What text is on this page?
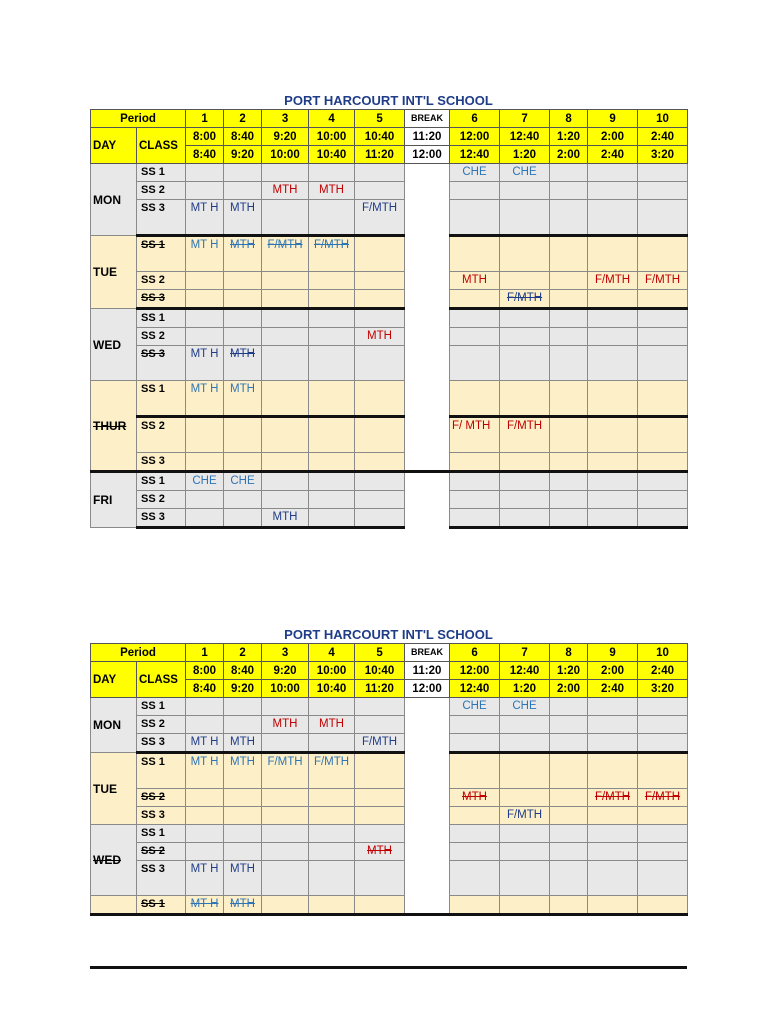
PORT HARCOURT INT'L SCHOOL
Period		1	2	3	4	5	BREAK	6	7	8	9	10
DAY	CLASS	8:00	8:40	9:20	10:00	10:40	11:20	12:00	12:40	1:20	2:00	2:40
		8:40	9:20	10:00	10:40	11:20	12:00	12:40	1:20	2:00	2:40	3:20
MON	SS 1							CHE	CHE			
	SS 2			MTH	MTH							
	SS 3	MT H	MTH			F/MTH						
TUE	SS 1	MT H	MTH	F/MTH	F/MTH							
	SS 2							MTH			F/MTH	F/MTH
	SS 3								F/MTH			
WED	SS 1											
	SS 2					MTH						
	SS 3	MT H	MTH									
THUR	SS 1	MT H	MTH									
	SS 2							F/ MTH	F/MTH			
	SS 3											
FRI	SS 1	CHE	CHE									
	SS 2											
	SS 3			MTH								
PORT HARCOURT INT'L SCHOOL
Period		1	2	3	4	5	BREAK	6	7	8	9	10
DAY	CLASS	8:00	8:40	9:20	10:00	10:40	11:20	12:00	12:40	1:20	2:00	2:40
		8:40	9:20	10:00	10:40	11:20	12:00	12:40	1:20	2:00	2:40	3:20
MON	SS 1							CHE	CHE			
	SS 2			MTH	MTH							
	SS 3	MT H	MTH			F/MTH						
TUE	SS 1	MT H	MTH	F/MTH	F/MTH							
	SS 2							MTH			F/MTH	F/MTH
	SS 3								F/MTH			
WED	SS 1											
	SS 2					MTH						
	SS 3	MT H	MTH									
	SS 1	MT H	MTH									
